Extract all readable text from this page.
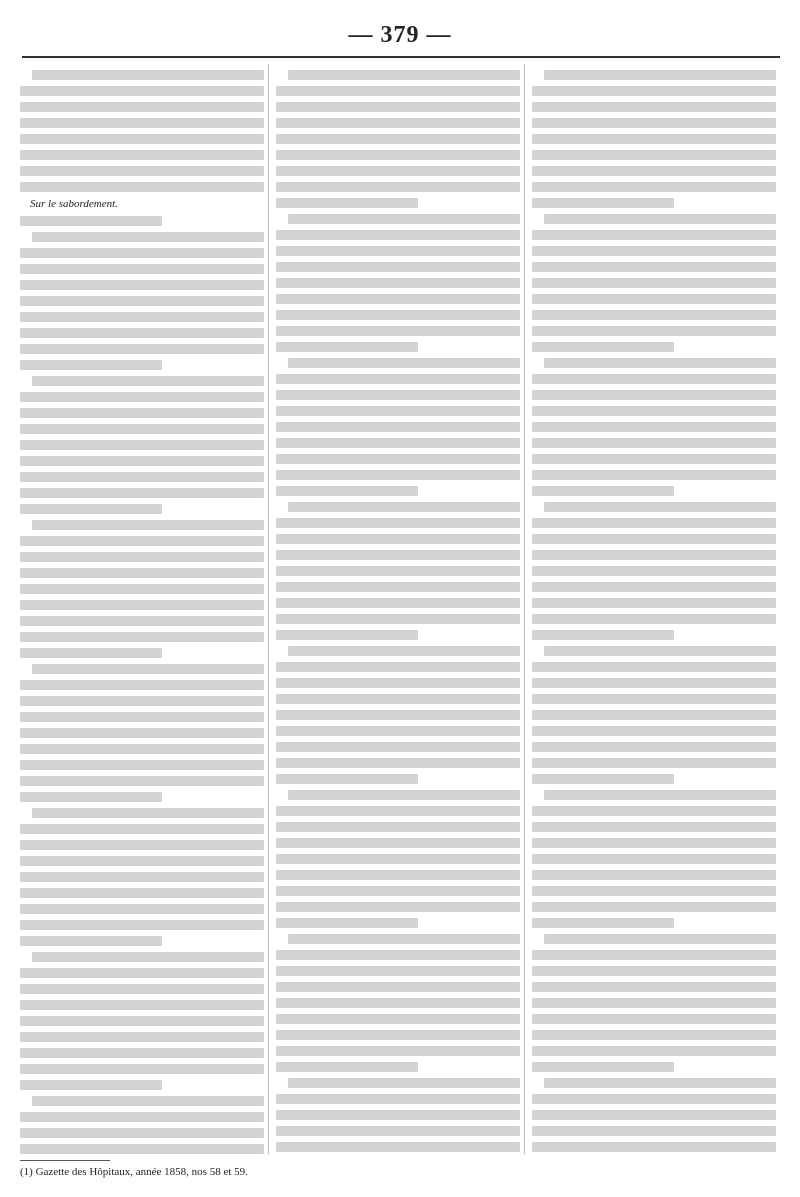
— 379 —
Sur le sabordement.
(1) Gazette des Hôpitaux, année 1858, nos 58 et 59.
